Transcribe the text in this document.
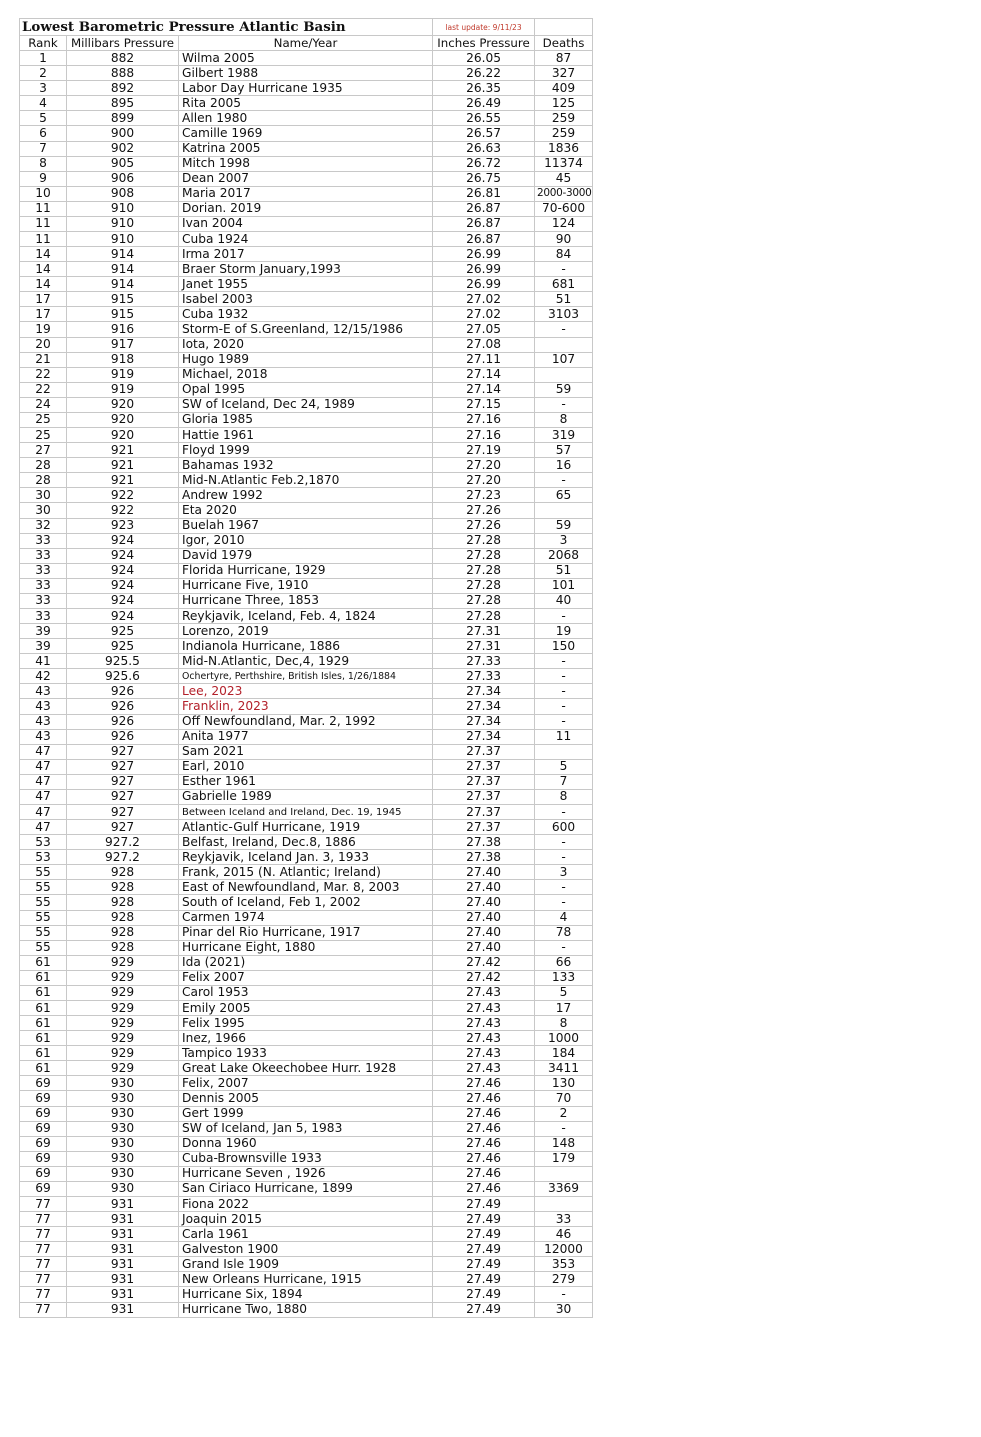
Lowest Barometric Pressure Atlantic Basin			last update: 9/11/23	
Rank	Millibars Pressure	Name/Year	Inches Pressure	Deaths
1	882	Wilma 2005	26.05	87
2	888	Gilbert 1988	26.22	327
3	892	Labor Day Hurricane 1935	26.35	409
4	895	Rita 2005	26.49	125
5	899	Allen 1980	26.55	259
6	900	Camille 1969	26.57	259
7	902	Katrina 2005	26.63	1836
8	905	Mitch 1998	26.72	11374
9	906	Dean 2007	26.75	45
10	908	Maria 2017	26.81	2000-3000
11	910	Dorian. 2019	26.87	70-600
11	910	Ivan 2004	26.87	124
11	910	Cuba 1924	26.87	90
14	914	Irma 2017	26.99	84
14	914	Braer Storm January,1993	26.99	-
14	914	Janet 1955	26.99	681
17	915	Isabel 2003	27.02	51
17	915	Cuba 1932	27.02	3103
19	916	Storm-E of S.Greenland, 12/15/1986	27.05	-
20	917	Iota, 2020	27.08	
21	918	Hugo 1989	27.11	107
22	919	Michael, 2018	27.14	
22	919	Opal 1995	27.14	59
24	920	SW of Iceland, Dec 24, 1989	27.15	-
25	920	Gloria 1985	27.16	8
25	920	Hattie 1961	27.16	319
27	921	Floyd 1999	27.19	57
28	921	Bahamas 1932	27.20	16
28	921	Mid-N.Atlantic Feb.2,1870	27.20	-
30	922	Andrew 1992	27.23	65
30	922	Eta 2020	27.26	
32	923	Buelah 1967	27.26	59
33	924	Igor, 2010	27.28	3
33	924	David 1979	27.28	2068
33	924	Florida Hurricane, 1929	27.28	51
33	924	Hurricane Five, 1910	27.28	101
33	924	Hurricane Three, 1853	27.28	40
33	924	Reykjavik, Iceland, Feb. 4, 1824	27.28	-
39	925	Lorenzo, 2019	27.31	19
39	925	Indianola Hurricane, 1886	27.31	150
41	925.5	Mid-N.Atlantic, Dec,4, 1929	27.33	-
42	925.6	Ochertyre, Perthshire, British Isles, 1/26/1884	27.33	-
43	926	Lee, 2023	27.34	-
43	926	Franklin, 2023	27.34	-
43	926	Off Newfoundland, Mar. 2, 1992	27.34	-
43	926	Anita 1977	27.34	11
47	927	Sam 2021	27.37	
47	927	Earl, 2010	27.37	5
47	927	Esther 1961	27.37	7
47	927	Gabrielle 1989	27.37	8
47	927	Between Iceland and Ireland, Dec. 19, 1945	27.37	-
47	927	Atlantic-Gulf Hurricane, 1919	27.37	600
53	927.2	Belfast, Ireland, Dec.8, 1886	27.38	-
53	927.2	Reykjavik, Iceland Jan. 3, 1933	27.38	-
55	928	Frank, 2015 (N. Atlantic; Ireland)	27.40	3
55	928	East of Newfoundland, Mar. 8, 2003	27.40	-
55	928	South of Iceland, Feb 1, 2002	27.40	-
55	928	Carmen 1974	27.40	4
55	928	Pinar del Rio Hurricane, 1917	27.40	78
55	928	Hurricane Eight, 1880	27.40	-
61	929	Ida (2021)	27.42	66
61	929	Felix 2007	27.42	133
61	929	Carol 1953	27.43	5
61	929	Emily 2005	27.43	17
61	929	Felix 1995	27.43	8
61	929	Inez, 1966	27.43	1000
61	929	Tampico 1933	27.43	184
61	929	Great Lake Okeechobee Hurr. 1928	27.43	3411
69	930	Felix, 2007	27.46	130
69	930	Dennis 2005	27.46	70
69	930	Gert 1999	27.46	2
69	930	SW of Iceland, Jan 5, 1983	27.46	-
69	930	Donna 1960	27.46	148
69	930	Cuba-Brownsville 1933	27.46	179
69	930	Hurricane Seven , 1926	27.46	
69	930	San Ciriaco Hurricane, 1899	27.46	3369
77	931	Fiona 2022	27.49	
77	931	Joaquin 2015	27.49	33
77	931	Carla 1961	27.49	46
77	931	Galveston 1900	27.49	12000
77	931	Grand Isle 1909	27.49	353
77	931	New Orleans Hurricane, 1915	27.49	279
77	931	Hurricane Six, 1894	27.49	-
77	931	Hurricane Two, 1880	27.49	30
